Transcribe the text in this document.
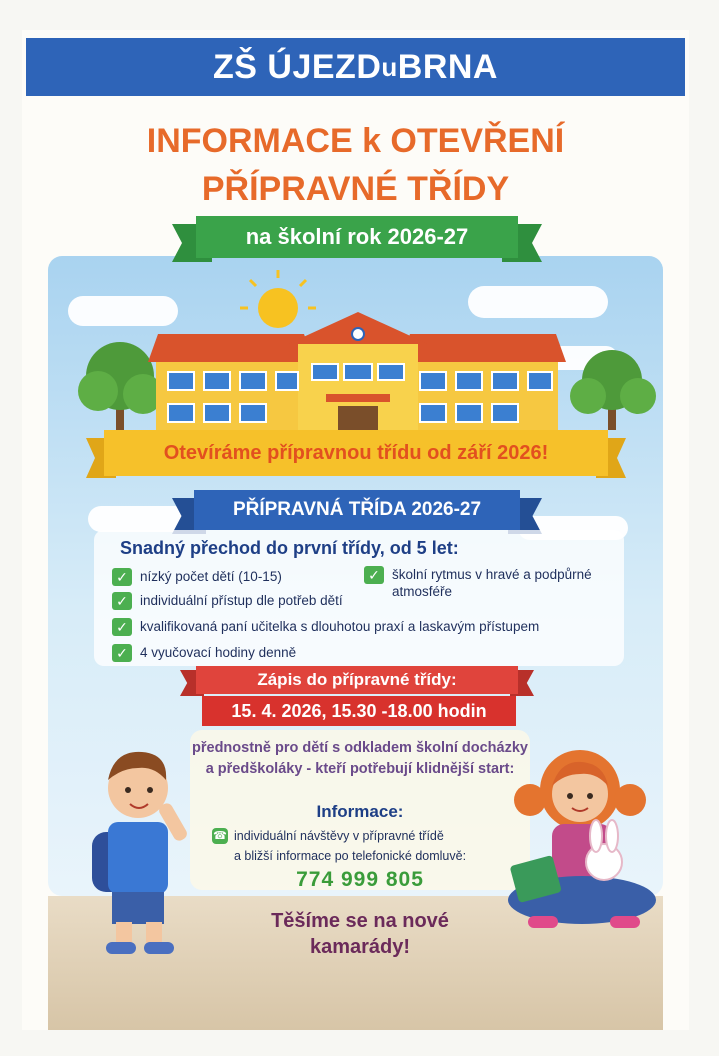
ZŠ ÚJEZD u BRNA
INFORMACE k OTEVŘENÍ
PŘÍPRAVNÉ TŘÍDY
na školní rok 2026-27
Otevíráme přípravnou třídu od září 2026!
PŘÍPRAVNÁ TŘÍDA 2026-27
Snadný přechod do první třídy, od 5 let:
✓ nízký počet dětí (10-15)	✓ školní rytmus v hravé a podpůrné atmosféře
✓ individuální přístup dle potřeb dětí
✓ kvalifikovaná paní učitelka s dlouhotou praxí a laskavým přístupem
✓ 4 vyučovací hodiny denně
Zápis do přípravné třídy:
15. 4. 2026, 15.30 -18.00 hodin
přednostně pro dětí s odkladem školní docházky a předškoláky - kteří potřebují klidnější start:
Informace:
☎ individuální návštěvy v přípravné třídě
a bližší informace po telefonické domluvě:
774 999 805
Těšíme se na nové
kamarády!
